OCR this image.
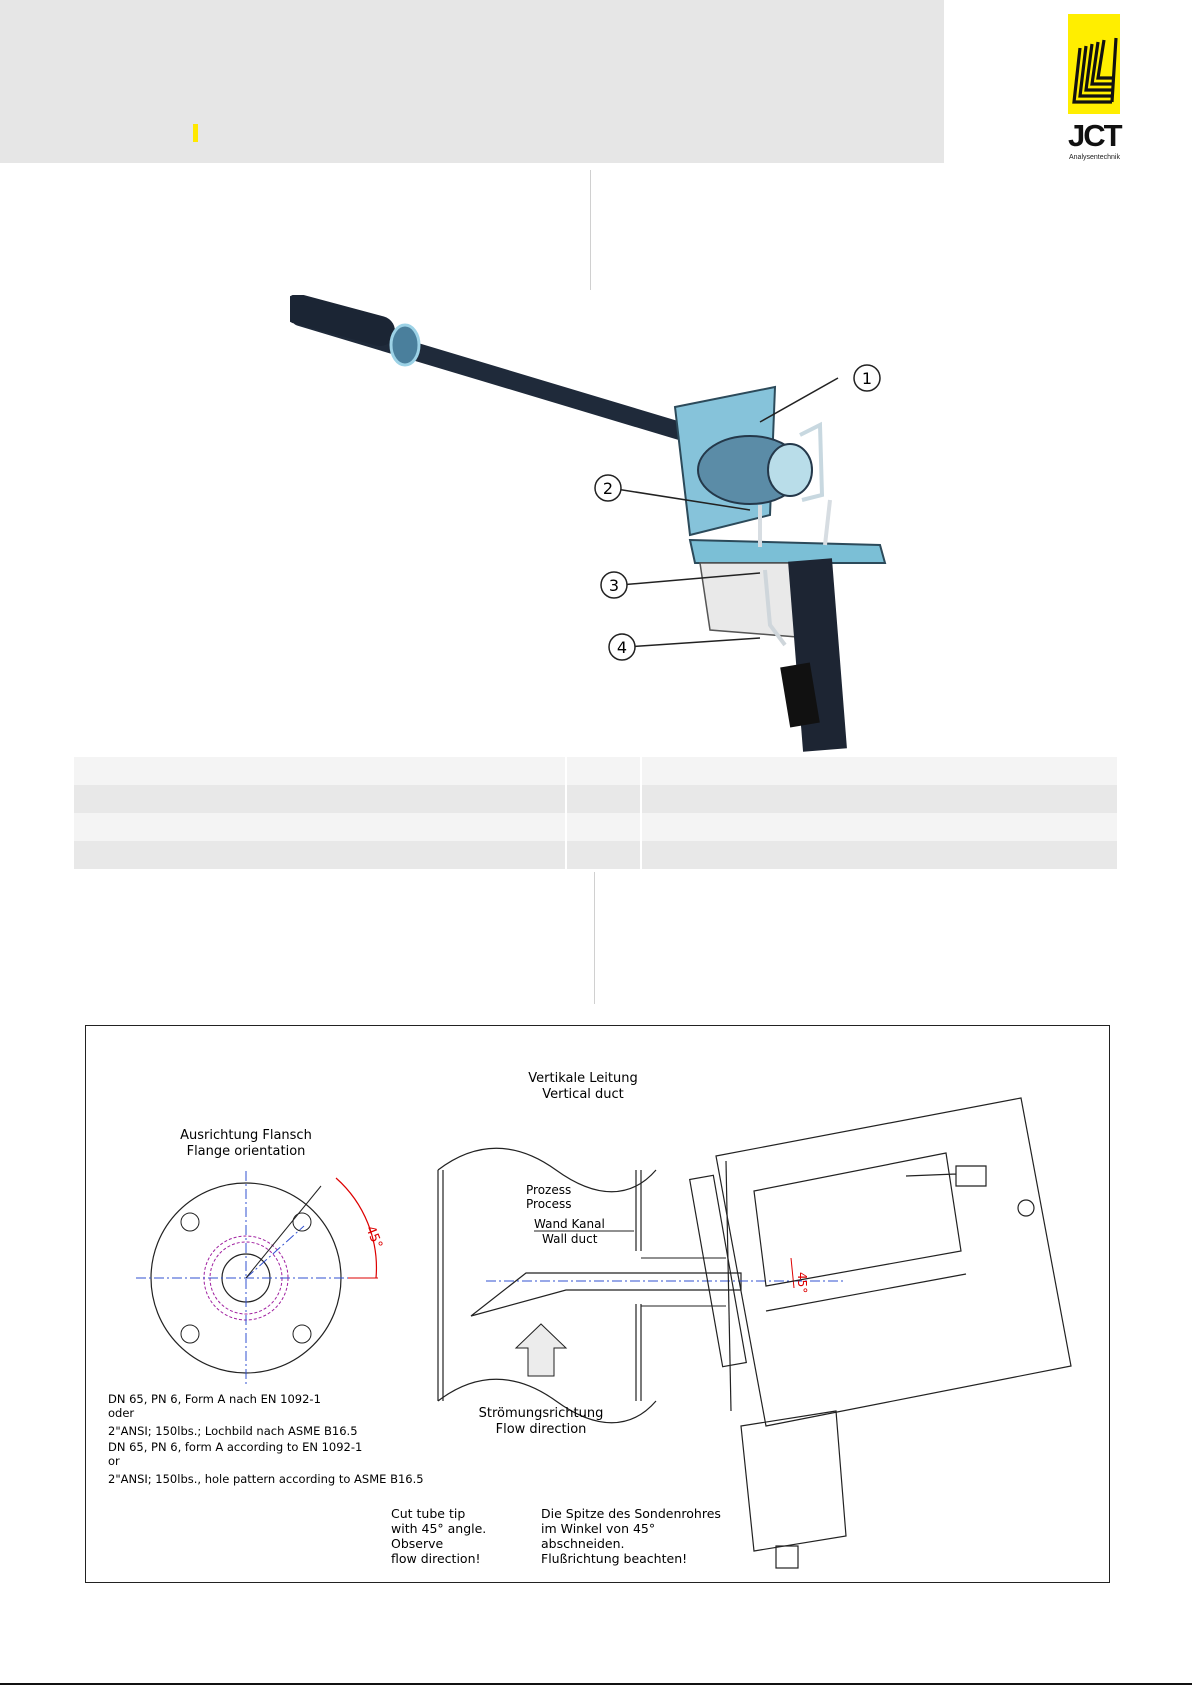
JCT
Analysentechnik
1
2
3
4
Ausrichtung Flansch
Flange orientation
45°
DN 65, PN 6, Form A nach EN 1092-1
oder
2"ANSI; 150lbs.; Lochbild nach ASME B16.5
DN 65, PN 6, form A according to EN 1092-1
or
2"ANSI; 150lbs., hole pattern according to ASME B16.5
Vertikale Leitung
Vertical duct
Prozess
Process
Wand Kanal
Wall duct
45°
Strömungsrichtung
Flow direction
Cut tube tip
with 45° angle.
Observe
flow direction!
Die Spitze des Sondenrohres
im Winkel von 45°
abschneiden.
Flußrichtung beachten!
